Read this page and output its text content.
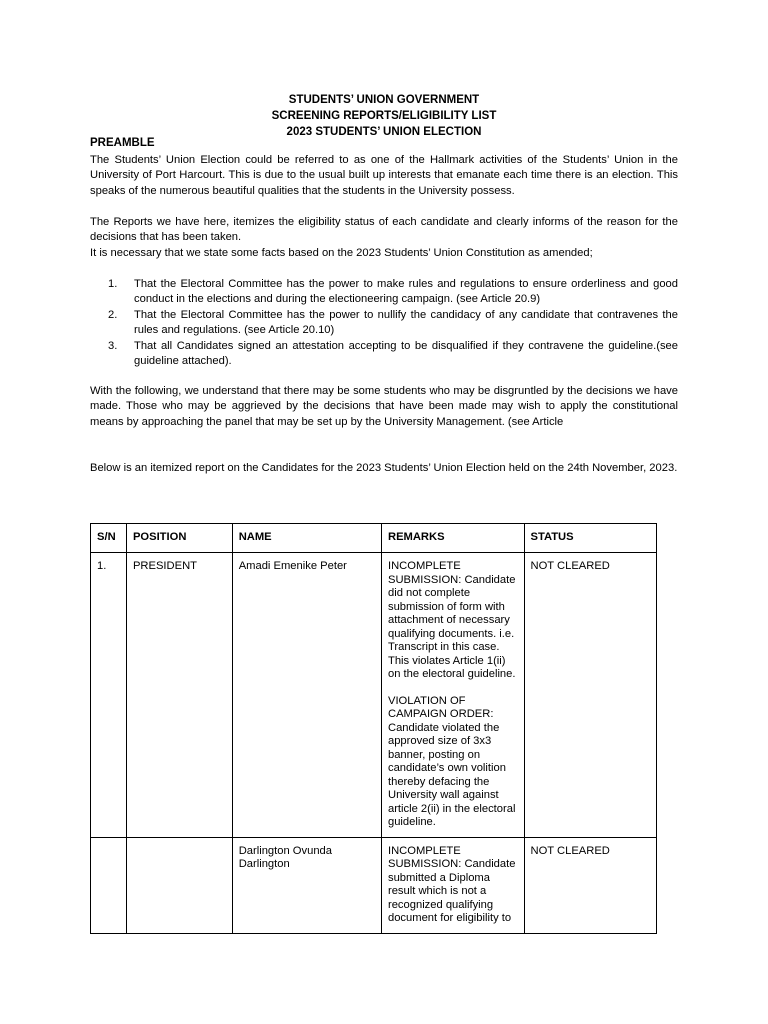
STUDENTS’ UNION GOVERNMENT
SCREENING REPORTS/ELIGIBILITY LIST
2023 STUDENTS’ UNION ELECTION
PREAMBLE

The Students’ Union Election could be referred to as one of the Hallmark activities of the Students’ Union in the University of Port Harcourt. This is due to the usual built up interests that emanate each time there is an election. This speaks of the numerous beautiful qualities that the students in the University possess.

The Reports we have here, itemizes the eligibility status of each candidate and clearly informs of the reason for the decisions that has been taken.

It is necessary that we state some facts based on the 2023 Students’ Union Constitution as amended;

1. That the Electoral Committee has the power to make rules and regulations to ensure orderliness and good conduct in the elections and during the electioneering campaign. (see Article 20.9)
2. That the Electoral Committee has the power to nullify the candidacy of any candidate that contravenes the rules and regulations. (see Article 20.10)
3. That all Candidates signed an attestation accepting to be disqualified if they contravene the guideline.(see guideline attached).

With the following, we understand that there may be some students who may be disgruntled by the decisions we have made. Those who may be aggrieved by the decisions that have been made may wish to apply the constitutional means by approaching the panel that may be set up by the University Management. (see Article

Below is an itemized report on the Candidates for the 2023 Students’ Union Election held on the 24th November, 2023.

S/N	POSITION	NAME	REMARKS	STATUS
1.	PRESIDENT	Amadi Emenike Peter	INCOMPLETE SUBMISSION: Candidate did not complete submission of form with attachment of necessary qualifying documents. i.e. Transcript in this case. This violates Article 1(ii) on the electoral guideline.
VIOLATION OF CAMPAIGN ORDER: Candidate violated the approved size of 3x3 banner, posting on candidate’s own volition thereby defacing the University wall against article 2(ii) in the electoral guideline.	NOT CLEARED
		Darlington Ovunda Darlington	INCOMPLETE SUBMISSION: Candidate submitted a Diploma result which is not a recognized qualifying document for eligibility to	NOT CLEARED
